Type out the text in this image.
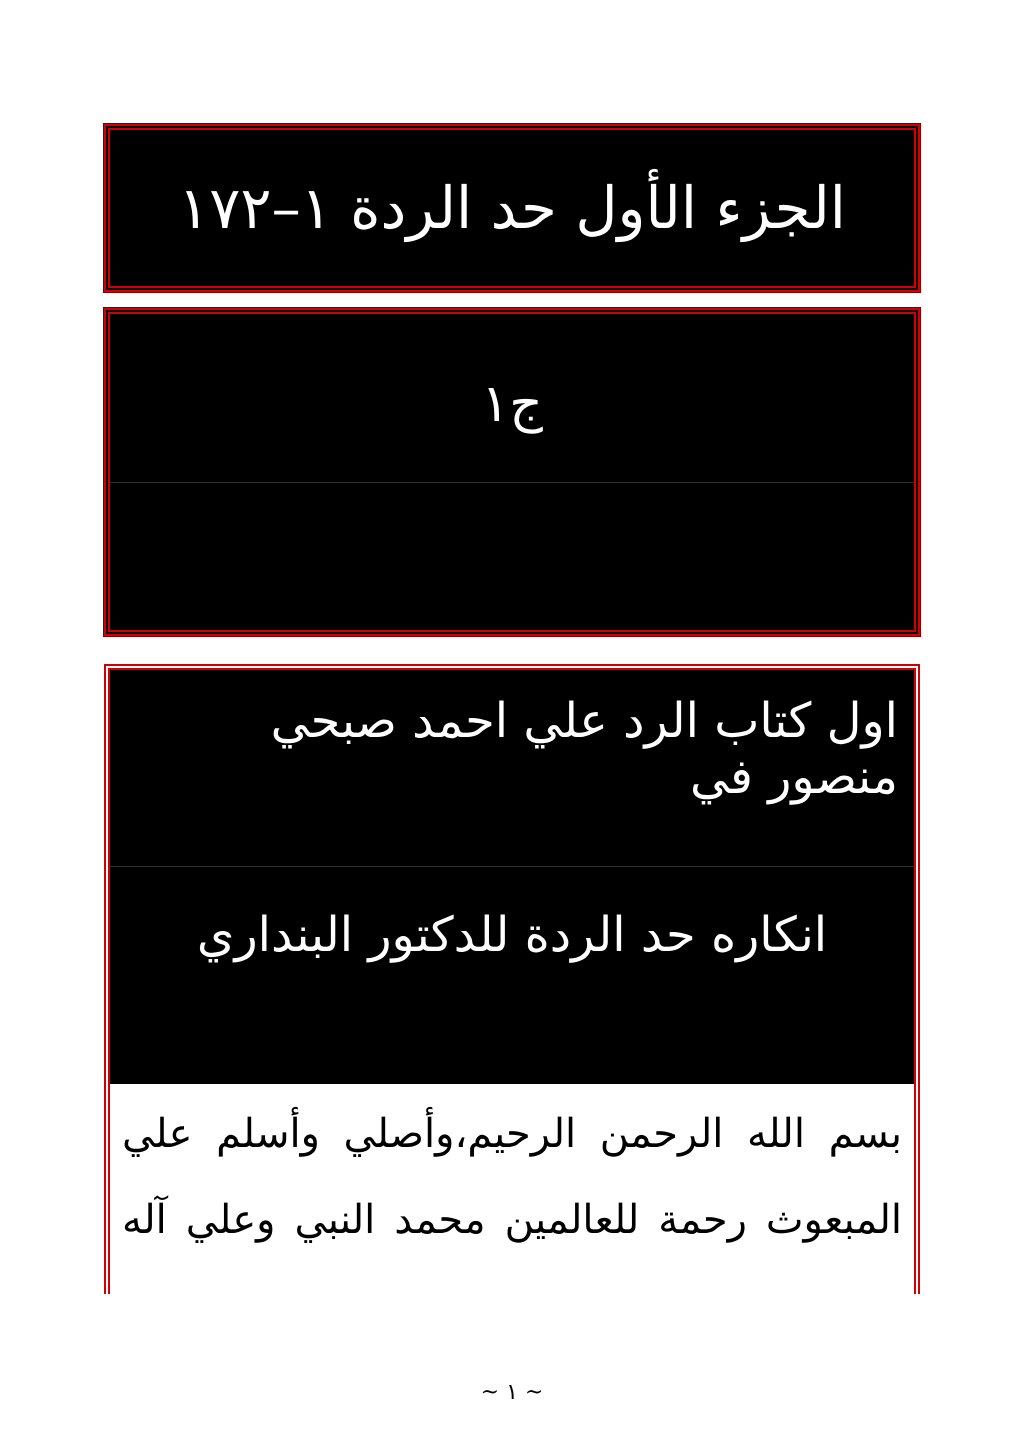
الجزء الأول حد الردة ١–١٧٢
ج١
اول كتاب الرد علي احمد صبحي منصور في
انكاره حد الردة للدكتور البنداري
بسم
الله
الرحمن
الرحيم،وأصلي
وأسلم
علي
المبعوث
رحمة
للعالمين
محمد
النبي
وعلي
آله
~ ١ ~
